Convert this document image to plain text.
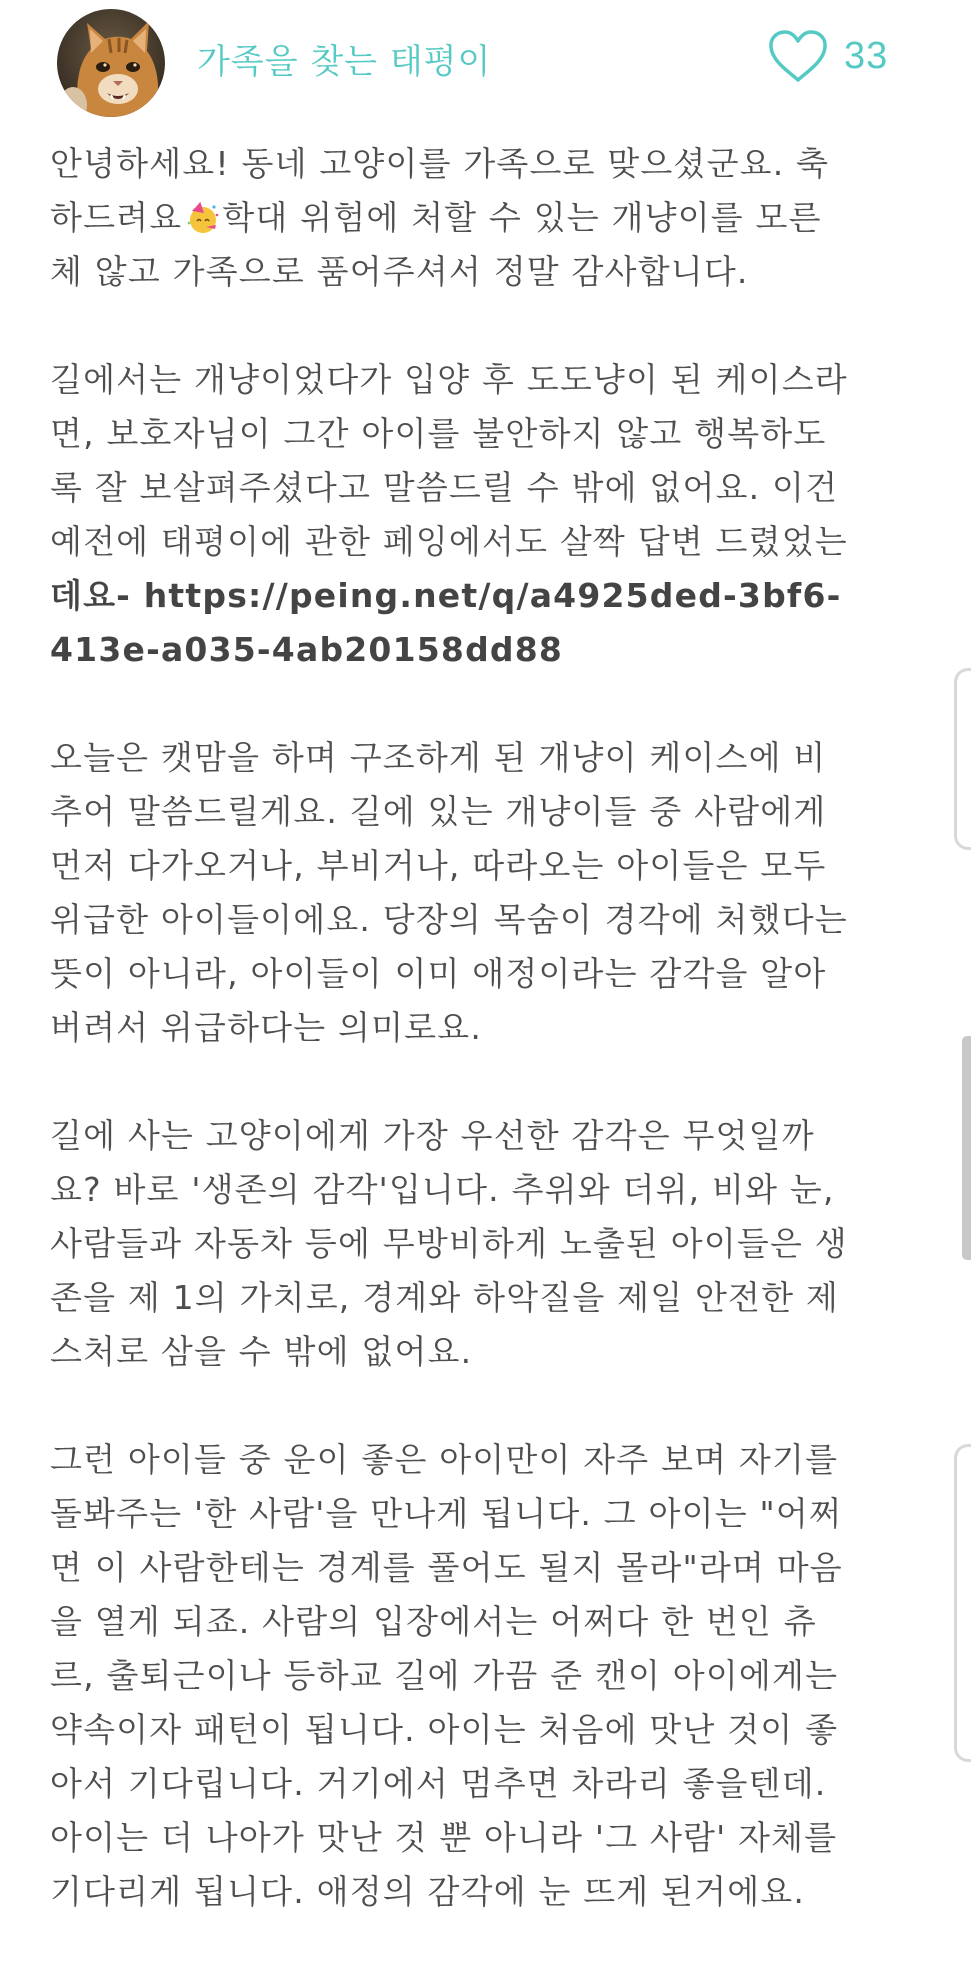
가족을 찾는 태평이	33
안녕하세요! 동네 고양이를 가족으로 맞으셨군요. 축
하드려요 학대 위험에 처할 수 있는 개냥이를 모른
체 않고 가족으로 품어주셔서 정말 감사합니다.
길에서는 개냥이었다가 입양 후 도도냥이 된 케이스라
면, 보호자님이 그간 아이를 불안하지 않고 행복하도
록 잘 보살펴주셨다고 말씀드릴 수 밖에 없어요. 이건
예전에 태평이에 관한 페잉에서도 살짝 답변 드렸었는
데요- https://peing.net/q/a4925ded-3bf6-
413e-a035-4ab20158dd88
오늘은 캣맘을 하며 구조하게 된 개냥이 케이스에 비
추어 말씀드릴게요. 길에 있는 개냥이들 중 사람에게
먼저 다가오거나, 부비거나, 따라오는 아이들은 모두
위급한 아이들이에요. 당장의 목숨이 경각에 처했다는
뜻이 아니라, 아이들이 이미 애정이라는 감각을 알아
버려서 위급하다는 의미로요.
길에 사는 고양이에게 가장 우선한 감각은 무엇일까
요? 바로 '생존의 감각'입니다. 추위와 더위, 비와 눈,
사람들과 자동차 등에 무방비하게 노출된 아이들은 생
존을 제 1의 가치로, 경계와 하악질을 제일 안전한 제
스처로 삼을 수 밖에 없어요.
그런 아이들 중 운이 좋은 아이만이 자주 보며 자기를
돌봐주는 '한 사람'을 만나게 됩니다. 그 아이는 "어쩌
면 이 사람한테는 경계를 풀어도 될지 몰라"라며 마음
을 열게 되죠. 사람의 입장에서는 어쩌다 한 번인 츄
르, 출퇴근이나 등하교 길에 가끔 준 캔이 아이에게는
약속이자 패턴이 됩니다. 아이는 처음에 맛난 것이 좋
아서 기다립니다. 거기에서 멈추면 차라리 좋을텐데.
아이는 더 나아가 맛난 것 뿐 아니라 '그 사람' 자체를
기다리게 됩니다. 애정의 감각에 눈 뜨게 된거에요.
